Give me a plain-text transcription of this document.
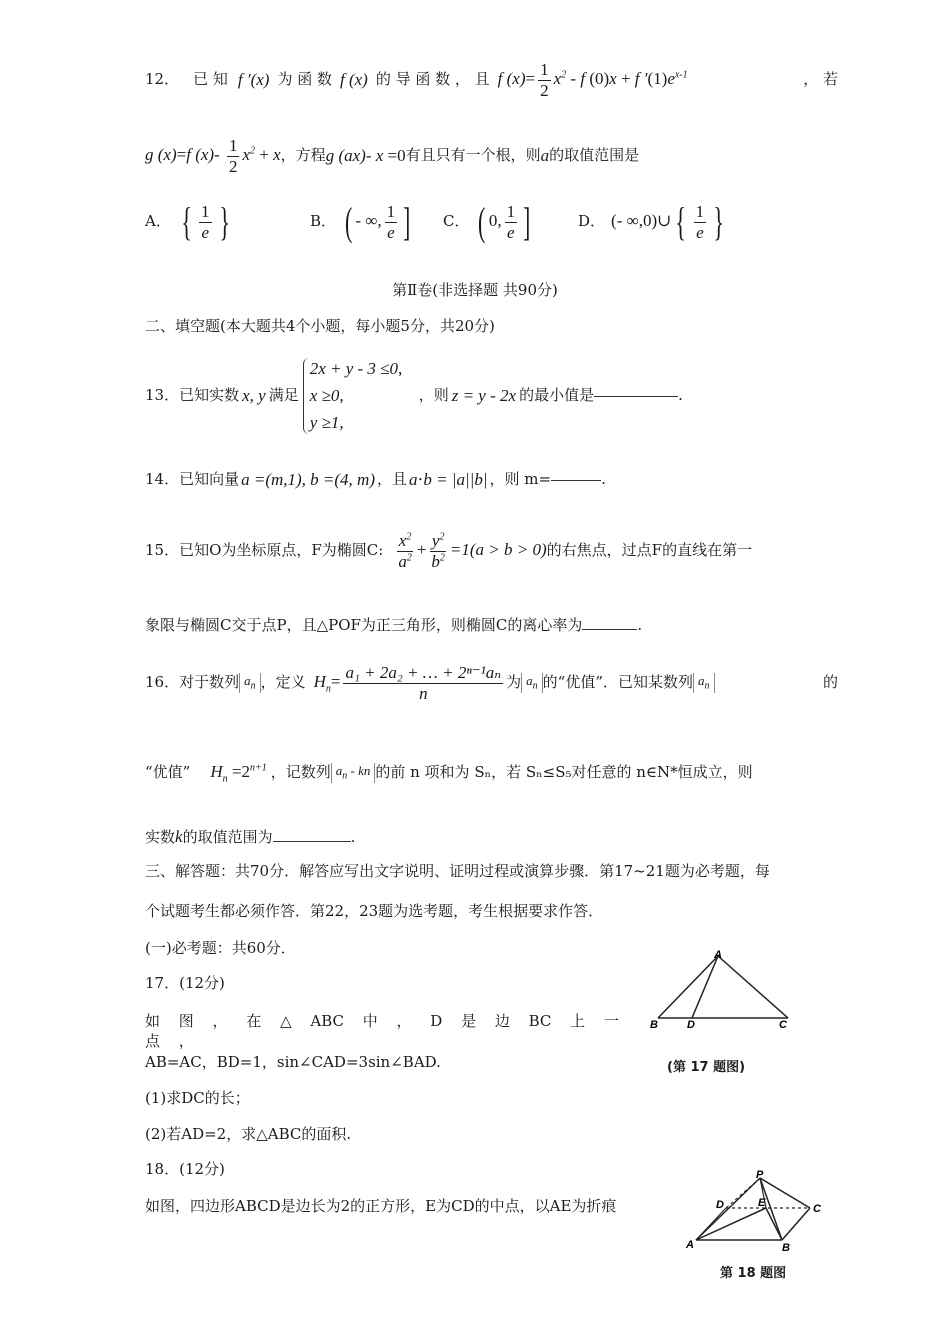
12． 已 知 f ′(x) 为 函 数 f (x) 的 导 函 数 ， 且 f $(x)= \frac{1}{2} x^2 - f$ (0)x + f $'(1)e^{x-1}$	， 若
g (x)=f $(x)- \frac{1}{2} x^2 + x$ ，方程 g (ax)- x =0 有且只有一个根，则 a 的取值范围是
A． { $\frac{1}{e}$ }	B． ( - ∞, $\frac{1}{e}$ ] C． ( 0, $\frac{1}{e}$ ]	D． (- ∞,0)∪ { $\frac{1}{e}$ }
第Ⅱ卷(非选择题 共90分)
二、填空题(本大题共4个小题，每小题5分，共20分)
13．已知实数 x, y 满足
2x + y - 3 ≤0,
x ≥0,
y ≥1,
，则 z = y - 2x 的最小值是	.
14．已知向量 a =(m,1), b =(4, m) ，且 a⋅b = |a||b| ，则 m=	.
15．已知O为坐标原点，F为椭圆C: $\frac{x^2}{a^2} + \frac{y^2}{b^2} =1(a > b > 0)$ 的右焦点，过点F的直线在第一
象限与椭圆C交于点P，且△POF为正三角形，则椭圆C的离心率为	.
16．对于数列 $a_n$ ，定义 $H_n= \frac{\text{a₁ + 2a₂ + … + 2ⁿ⁻¹aₙ}}{n}$ 为 $a_n$ 的“优值”．已知某数列 $a_n$	的
“优值” $H_n =2^{n+1}$ ，记数列 $a_n$ - kn 的前 n 项和为 Sₙ，若 Sₙ≤S₅对任意的 n∈N*恒成立，则
实数k的取值范围为	.
三、解答题：共70分．解答应写出文字说明、证明过程或演算步骤．第17~21题为必考题，每
个试题考生都必须作答．第22，23题为选考题，考生根据要求作答．
(一)必考题：共60分．
17．(12分)
如 图 ， 在 △ ABC 中 ， D 是 边 BC 上 一 点 ，
AB=AC，BD=1，sin∠CAD=3sin∠BAD.
(1)求DC的长；
(2)若AD=2，求△ABC的面积.
A
B	D	C
(第 17 题图)
18．(12分)
如图，四边形ABCD是边长为2的正方形，E为CD的中点，以AE为折痕
P
D	E	C
A	B
第 18 题图
